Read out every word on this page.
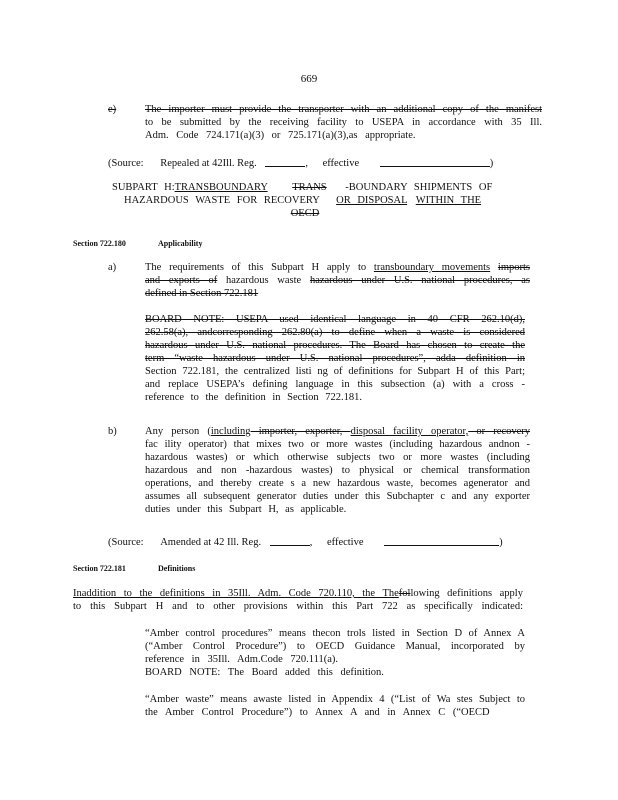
669
e)	The importer must provide the transporter with an additional copy of the manifest
to be submitted by the receiving facility to USEPA in accordance with 35 Ill.
Adm. Code 724.171(a)(3) or 725.171(a)(3),as appropriate.
(Source: Repealed at 42Ill. Reg.	, effective	)
SUBPART H:TRANSBOUNDARY TRANS -BOUNDARY SHIPMENTS OF
HAZARDOUS WASTE FOR RECOVERY OR DISPOSAL WITHIN THE
OECD
Section 722.180	Applicability
a)	The requirements of this Subpart H apply to transboundary movements imports
and exports of hazardous waste hazardous under U.S. national procedures, as
defined in Section 722.181
BOARD NOTE: USEPA used identical language in 40 CFR 262.10(d),
262.58(a), andcorresponding 262.80(a) to define when a waste is considered
hazardous under U.S. national procedures. The Board has chosen to create the
term “waste hazardous under U.S. national procedures”, adda definition in
Section 722.181, the centralized listi ng of definitions for Subpart H of this Part;
and replace USEPA’s defining language in this subsection (a) with a cross -
reference to the definition in Section 722.181.
b)	Any person (including importer, exporter, disposal facility operator, or recovery
fac ility operator) that mixes two or more wastes (including hazardous andnon -
hazardous wastes) or which otherwise subjects two or more wastes (including
hazardous and non -hazardous wastes) to physical or chemical transformation
operations, and thereby create s a new hazardous waste, becomes agenerator and
assumes all subsequent generator duties under this Subchapter c and any exporter
duties under this Subpart H, as applicable.
(Source: Amended at 42 Ill. Reg.	, effective	)
Section 722.181	Definitions
Inaddition to the definitions in 35Ill. Adm. Code 720.110, the Thefollowing definitions apply
to this Subpart H and to other provisions within this Part 722 as specifically indicated:
“Amber control procedures” means thecon trols listed in Section D of Annex A
(“Amber Control Procedure”) to OECD Guidance Manual, incorporated by
reference in 35Ill. Adm.Code 720.111(a).
BOARD NOTE: The Board added this definition.
“Amber waste” means awaste listed in Appendix 4 (“List of Wa stes Subject to
the Amber Control Procedure”) to Annex A and in Annex C (“OECD
